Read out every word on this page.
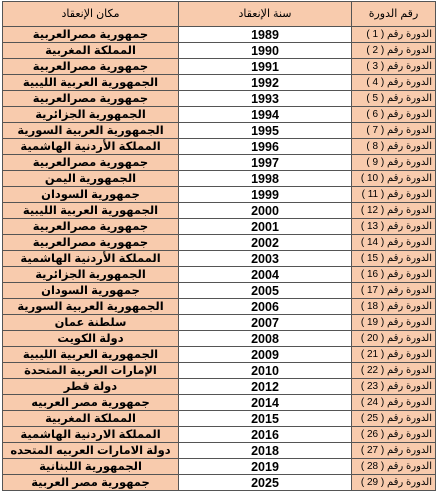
مكان الإنعقاد	سنة الإنعقاد	رقم الدورة
جمهورية مصرالعربية	1989	الدورة رقم ( 1 )
المملكة المغربية	1990	الدورة رقم ( 2 )
جمهورية مصرالعربية	1991	الدورة رقم ( 3 )
الجمهورية العربية الليبية	1992	الدورة رقم ( 4 )
جمهورية مصرالعربية	1993	الدورة رقم ( 5 )
الجمهورية الجزائرية	1994	الدورة رقم ( 6 )
الجمهورية العربية السورية	1995	الدورة رقم ( 7 )
المملكة الأردنية الهاشمية	1996	الدورة رقم ( 8 )
جمهورية مصرالعربية	1997	الدورة رقم ( 9 )
الجمهورية اليمن	1998	الدورة رقم ( 10 )
جمهورية السودان	1999	الدورة رقم ( 11 )
الجمهورية العربية الليبية	2000	الدورة رقم ( 12 )
جمهورية مصرالعربية	2001	الدورة رقم ( 13 )
جمهورية مصرالعربية	2002	الدورة رقم ( 14 )
المملكة الأردنية الهاشمية	2003	الدورة رقم ( 15 )
الجمهورية الجزائرية	2004	الدورة رقم ( 16 )
جمهورية السودان	2005	الدورة رقم ( 17 )
الجمهورية العربية السورية	2006	الدورة رقم ( 18 )
سلطنة عمان	2007	الدورة رقم ( 19 )
دولة الكويت	2008	الدورة رقم ( 20 )
الجمهورية العربية الليبية	2009	الدورة رقم ( 21 )
الإمارات العربية المتحدة	2010	الدورة رقم ( 22 )
دولة قطر	2012	الدورة رقم ( 23 )
جمهورية مصر العربيه	2014	الدورة رقم ( 24 )
المملكة المغربية	2015	الدورة رقم ( 25 )
المملكة الاردنية الهاشمية	2016	الدورة رقم ( 26 )
دولة الامارات العربيه المتحده	2018	الدورة رقم ( 27 )
الجمهورية اللبنانية	2019	الدورة رقم ( 28 )
جمهورية مصر العربية	2025	الدورة رقم ( 29 )
